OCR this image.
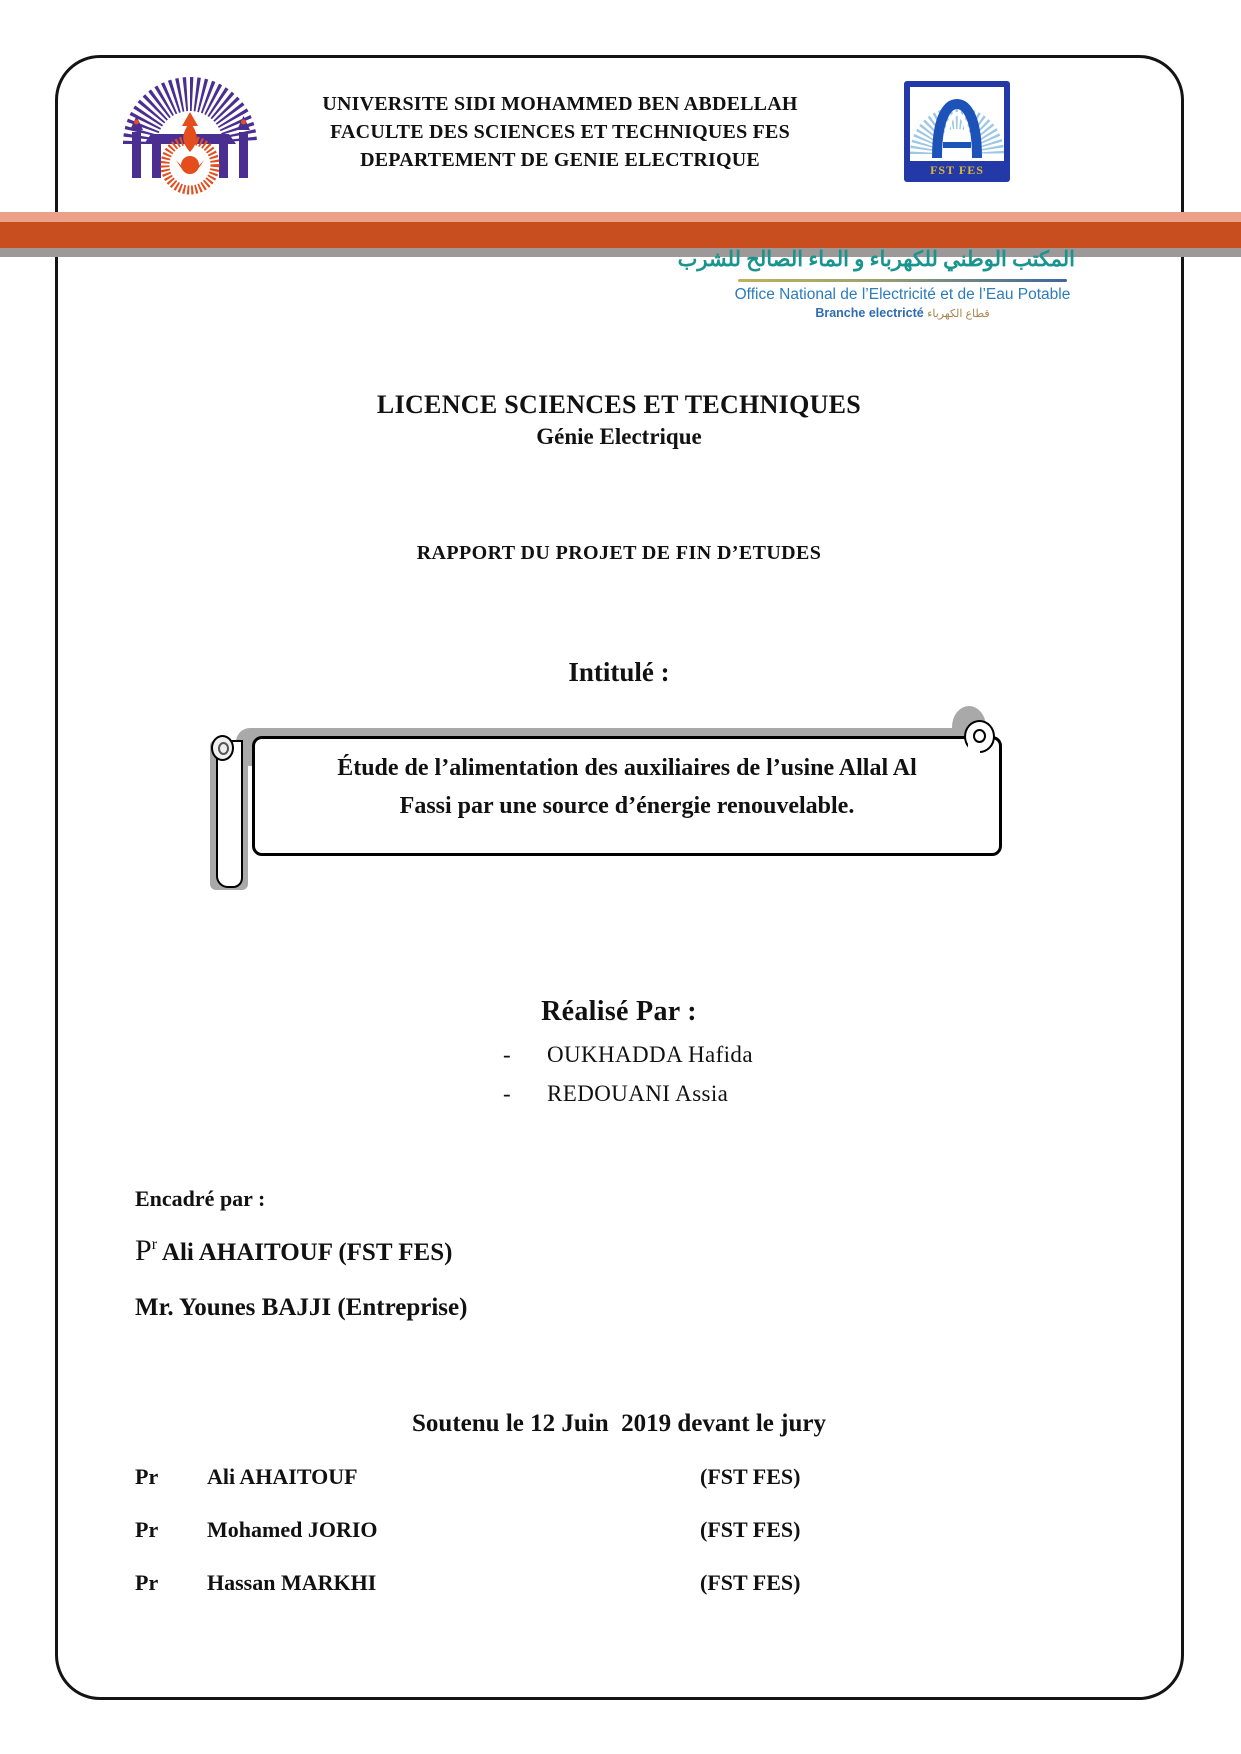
UNIVERSITE SIDI MOHAMMED BEN ABDELLAH
FACULTE DES SCIENCES ET TECHNIQUES FES
DEPARTEMENT DE GENIE ELECTRIQUE	FST FES
المكتب الوطني للكهرباء و الماء الصالح للشرب
Office National de l’Electricité et de l’Eau Potable
Branche electricté قطاع الكهرباء
LICENCE SCIENCES ET TECHNIQUES
Génie Electrique
RAPPORT DU PROJET DE FIN D’ETUDES
Intitulé :
Étude de l’alimentation des auxiliaires de l’usine Allal Al
Fassi par une source d’énergie renouvelable.
Réalisé Par :
-	OUKHADDA Hafida
-	REDOUANI Assia
Encadré par :
$P^r$ Ali AHAITOUF (FST FES)
Mr. Younes BAJJI (Entreprise)
Soutenu le 12 Juin  2019 devant le jury
Pr Ali AHAITOUF	(FST FES)
Pr Mohamed JORIO	(FST FES)
Pr Hassan MARKHI	(FST FES)
